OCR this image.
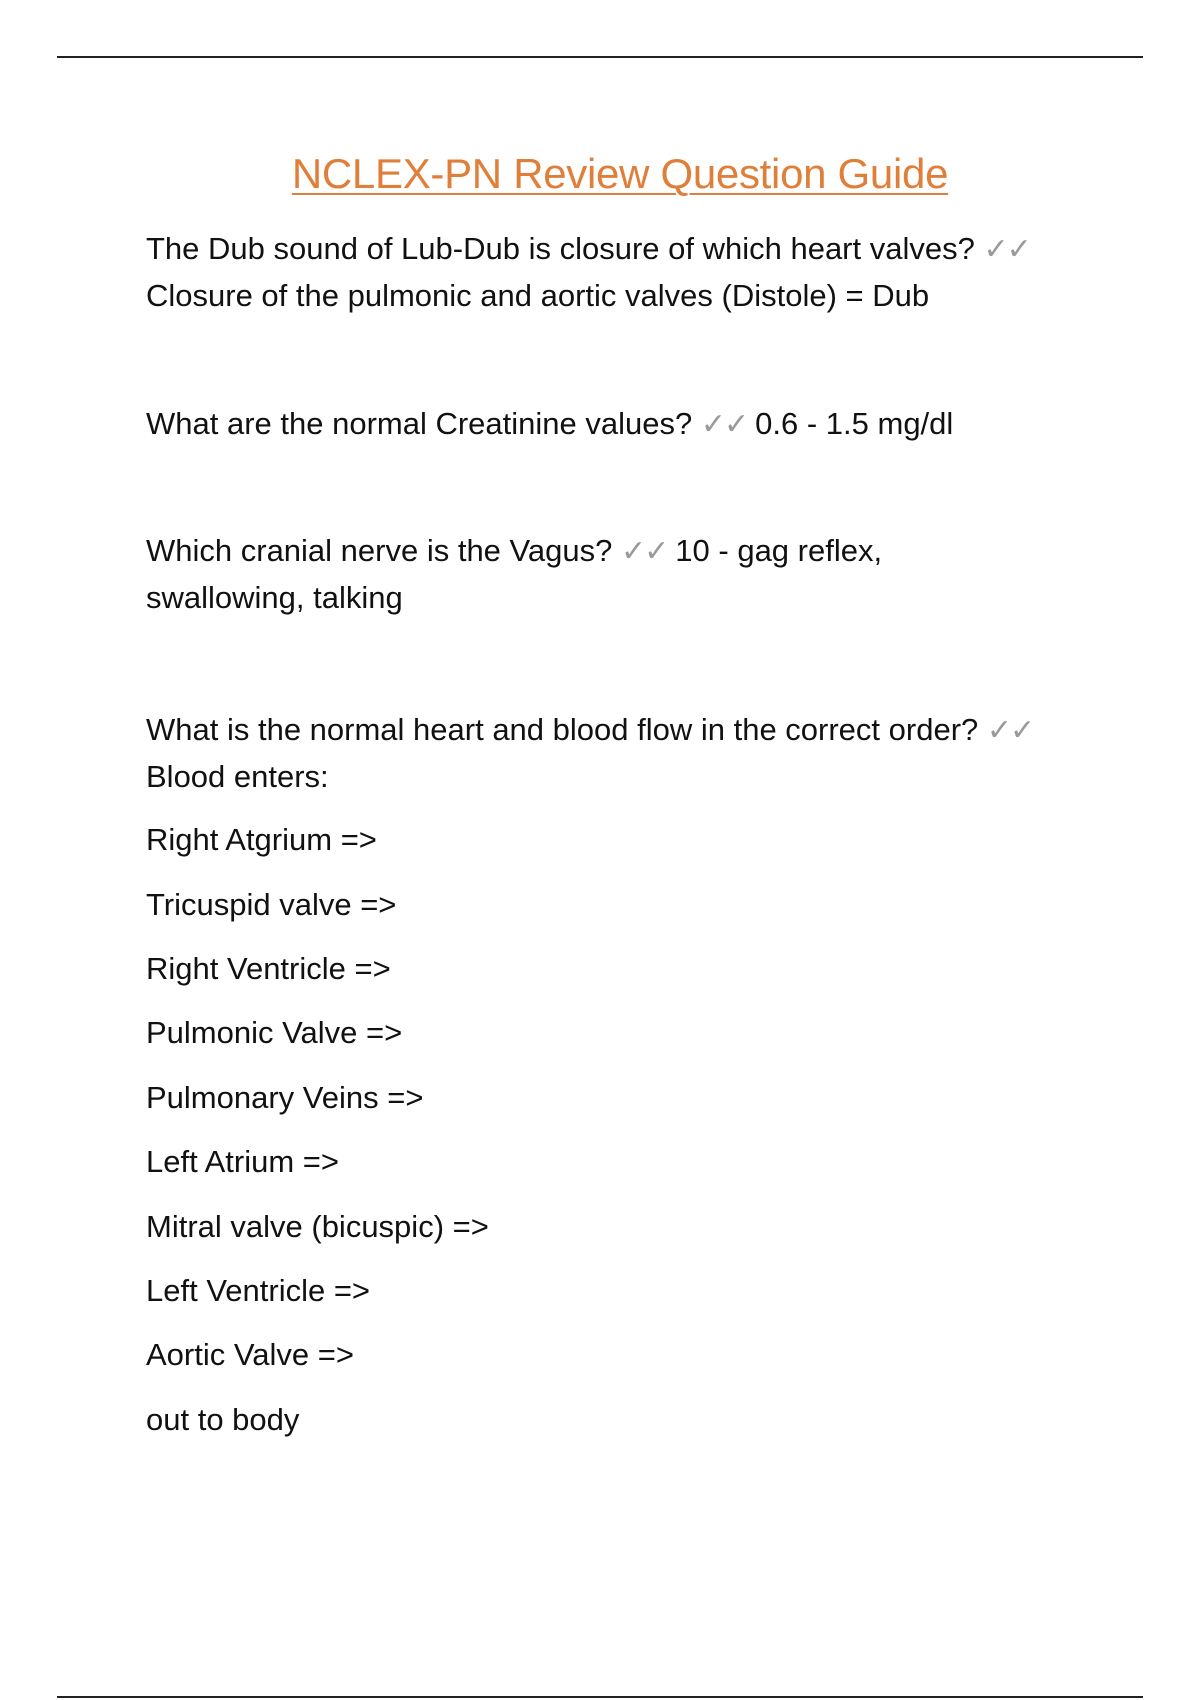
NCLEX-PN Review Question Guide

The Dub sound of Lub-Dub is closure of which heart valves? ✓✓Closure of the pulmonic and aortic valves (Distole) = Dub

What are the normal Creatinine values? ✓✓ 0.6 - 1.5 mg/dl

Which cranial nerve is the Vagus? ✓✓ 10 - gag reflex, swallowing, talking

What is the normal heart and blood flow in the correct order? ✓✓Blood enters:

Right Atgrium =>
Tricuspid valve =>
Right Ventricle =>
Pulmonic Valve =>
Pulmonary Veins =>
Left Atrium =>
Mitral valve (bicuspic) =>
Left Ventricle =>
Aortic Valve =>
out to body
